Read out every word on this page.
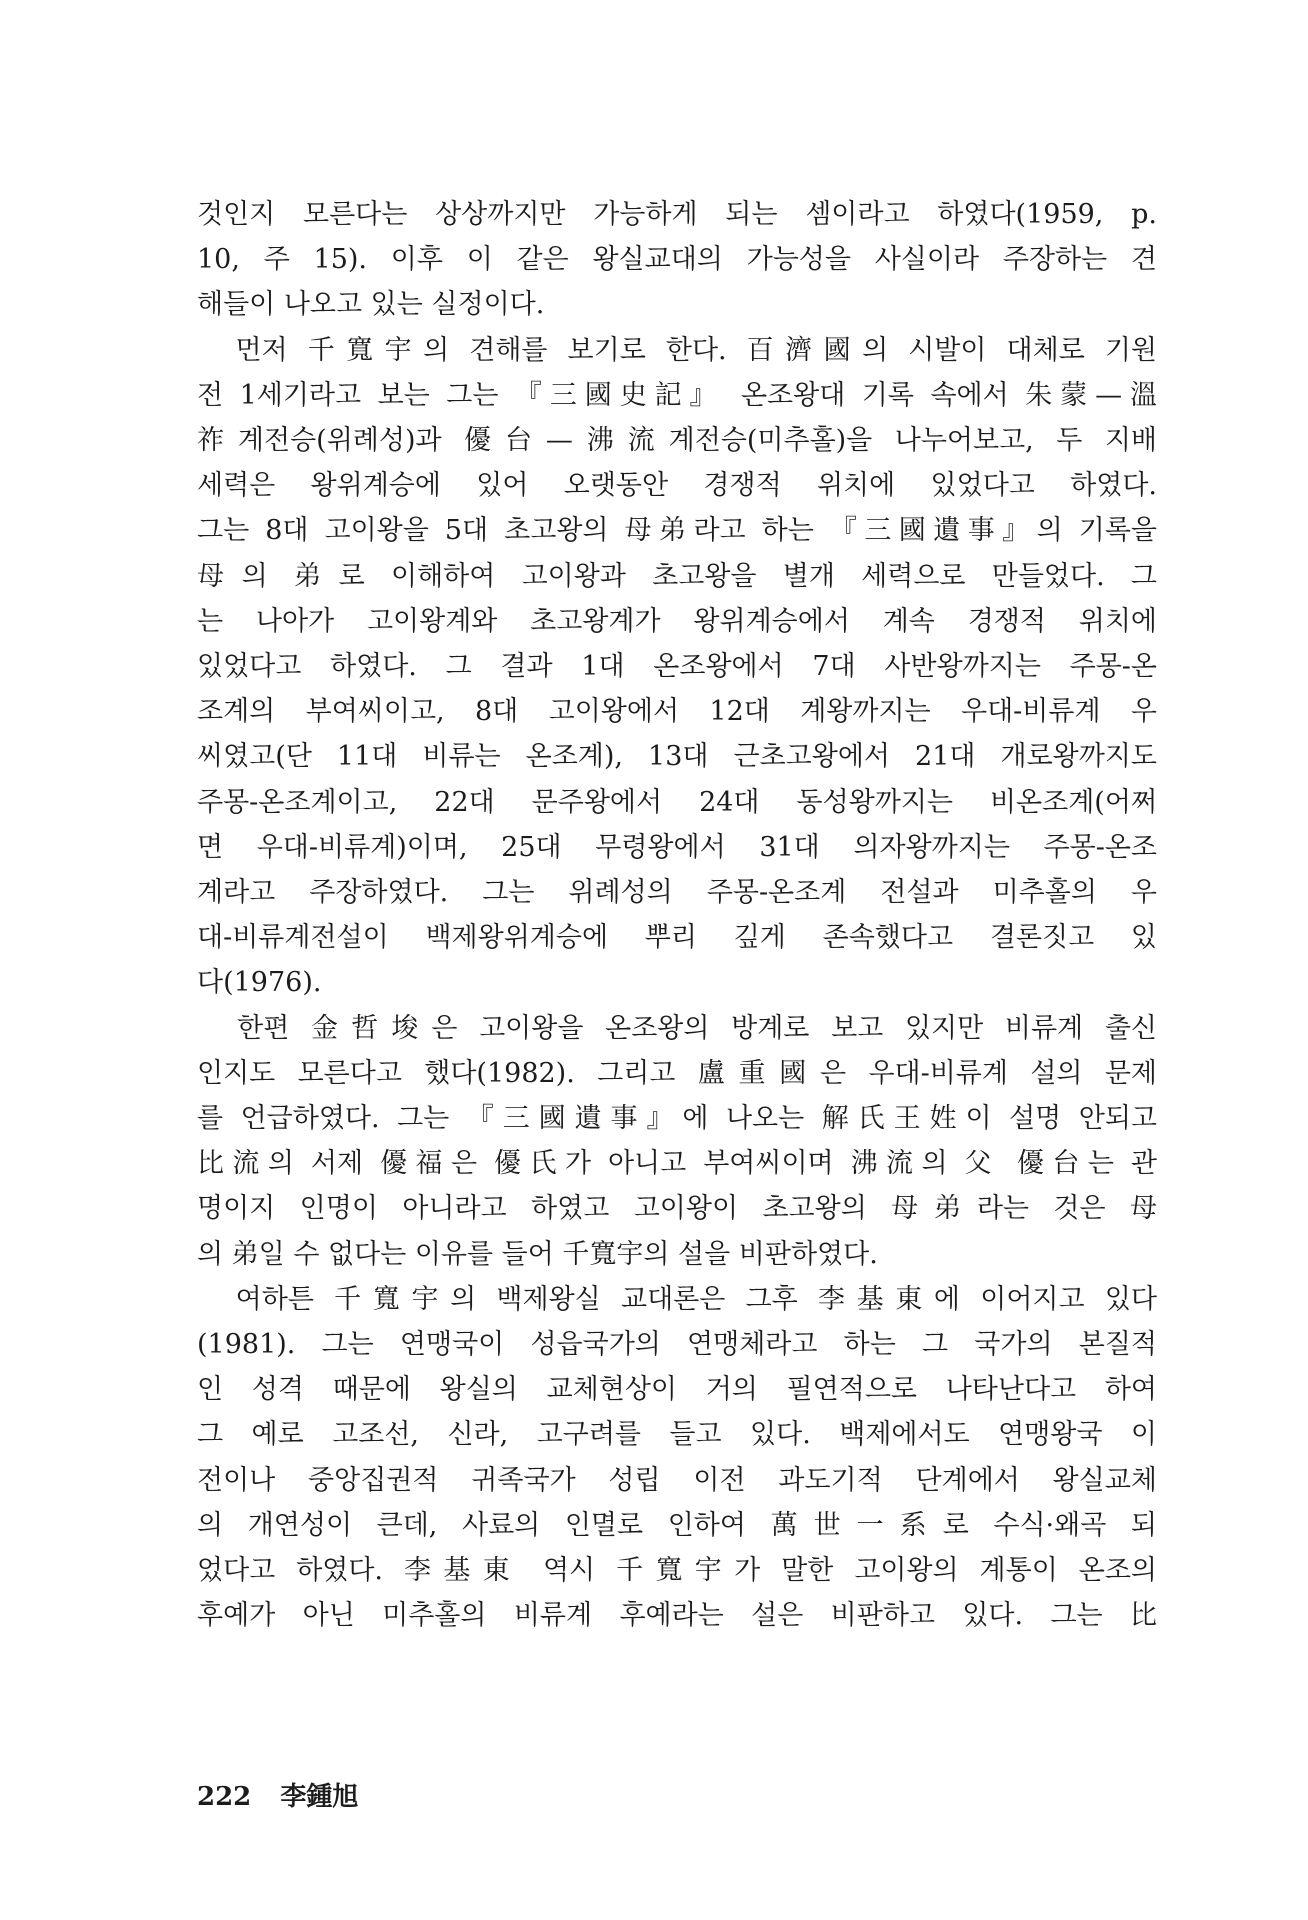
것인지 모른다는 상상까지만 가능하게 되는 셈이라고 하였다(1959, p.
10, 주 15). 이후 이 같은 왕실교대의 가능성을 사실이라 주장하는 견
해들이 나오고 있는 실정이다.
　먼저 千寬宇의 견해를 보기로 한다. 百濟國의 시발이 대체로 기원
전 1세기라고 보는 그는 『三國史記』 온조왕대 기록 속에서 朱蒙—溫
祚계전승(위례성)과 優台—沸流계전승(미추홀)을 나누어보고, 두 지배
세력은 왕위계승에 있어 오랫동안 경쟁적 위치에 있었다고 하였다.
그는 8대 고이왕을 5대 초고왕의 母弟라고 하는 『三國遺事』의 기록을
母의 弟로 이해하여 고이왕과 초고왕을 별개 세력으로 만들었다. 그
는 나아가 고이왕계와 초고왕계가 왕위계승에서 계속 경쟁적 위치에
있었다고 하였다. 그 결과 1대 온조왕에서 7대 사반왕까지는 주몽-온
조계의 부여씨이고, 8대 고이왕에서 12대 계왕까지는 우대-비류계 우
씨였고(단 11대 비류는 온조계), 13대 근초고왕에서 21대 개로왕까지도
주몽-온조계이고, 22대 문주왕에서 24대 동성왕까지는 비온조계(어쩌
면 우대-비류계)이며, 25대 무령왕에서 31대 의자왕까지는 주몽-온조
계라고 주장하였다. 그는 위례성의 주몽-온조계 전설과 미추홀의 우
대-비류계전설이 백제왕위계승에 뿌리 깊게 존속했다고 결론짓고 있
다(1976).
　한편 金哲埈은 고이왕을 온조왕의 방계로 보고 있지만 비류계 출신
인지도 모른다고 했다(1982). 그리고 盧重國은 우대-비류계 설의 문제
를 언급하였다. 그는 『三國遺事』에 나오는 解氏王姓이 설명 안되고
比流의 서제 優福은 優氏가 아니고 부여씨이며 沸流의 父 優台는 관
명이지 인명이 아니라고 하였고 고이왕이 초고왕의 母弟라는 것은 母
의 弟일 수 없다는 이유를 들어 千寬宇의 설을 비판하였다.
　여하튼 千寬宇의 백제왕실 교대론은 그후 李基東에 이어지고 있다
(1981). 그는 연맹국이 성읍국가의 연맹체라고 하는 그 국가의 본질적
인 성격 때문에 왕실의 교체현상이 거의 필연적으로 나타난다고 하여
그 예로 고조선, 신라, 고구려를 들고 있다. 백제에서도 연맹왕국 이
전이나 중앙집권적 귀족국가 성립 이전 과도기적 단계에서 왕실교체
의 개연성이 큰데, 사료의 인멸로 인하여 萬世一系로 수식·왜곡 되
었다고 하였다. 李基東 역시 千寬宇가 말한 고이왕의 계통이 온조의
후예가 아닌 미추홀의 비류계 후예라는 설은 비판하고 있다. 그는 比
222 李鍾旭
